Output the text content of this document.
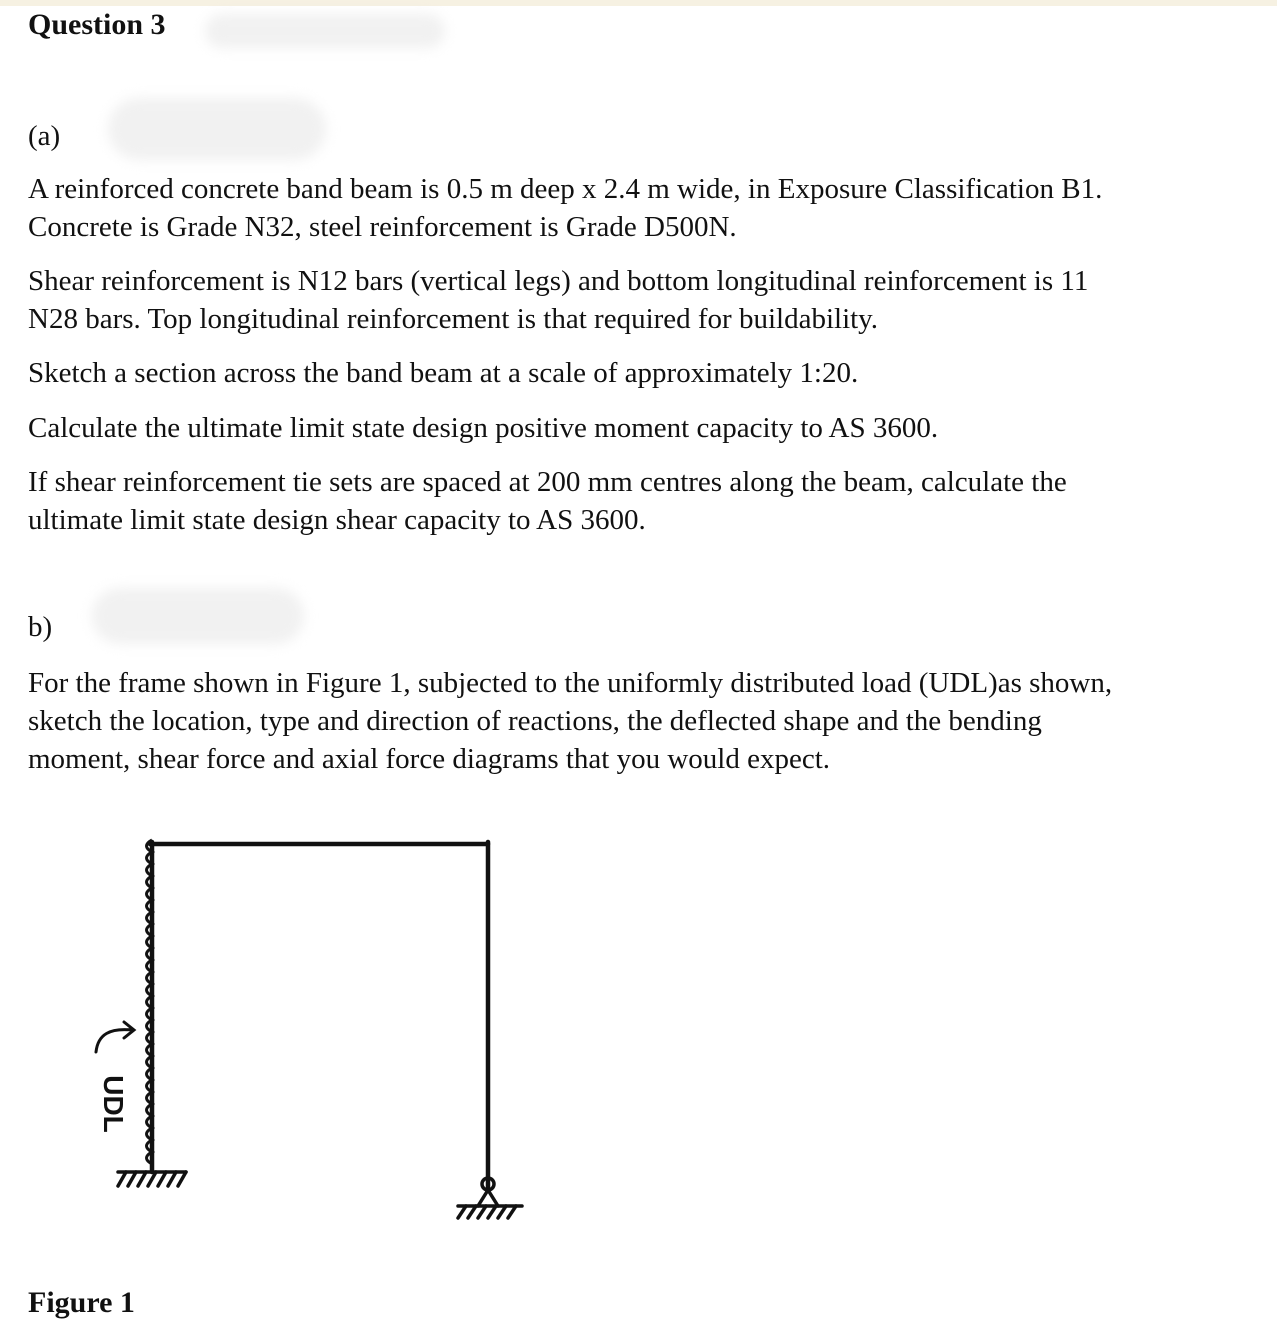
Question 3

(a)

A reinforced concrete band beam is 0.5 m deep x 2.4 m wide, in Exposure Classification B1.
Concrete is Grade N32, steel reinforcement is Grade D500N.

Shear reinforcement is N12 bars (vertical legs) and bottom longitudinal reinforcement is 11
N28 bars. Top longitudinal reinforcement is that required for buildability.

Sketch a section across the band beam at a scale of approximately 1:20.

Calculate the ultimate limit state design positive moment capacity to AS 3600.

If shear reinforcement tie sets are spaced at 200 mm centres along the beam, calculate the
ultimate limit state design shear capacity to AS 3600.

b)

For the frame shown in Figure 1, subjected to the uniformly distributed load (UDL)as shown,
sketch the location, type and direction of reactions, the deflected shape and the bending
moment, shear force and axial force diagrams that you would expect.

UDL
Figure 1
